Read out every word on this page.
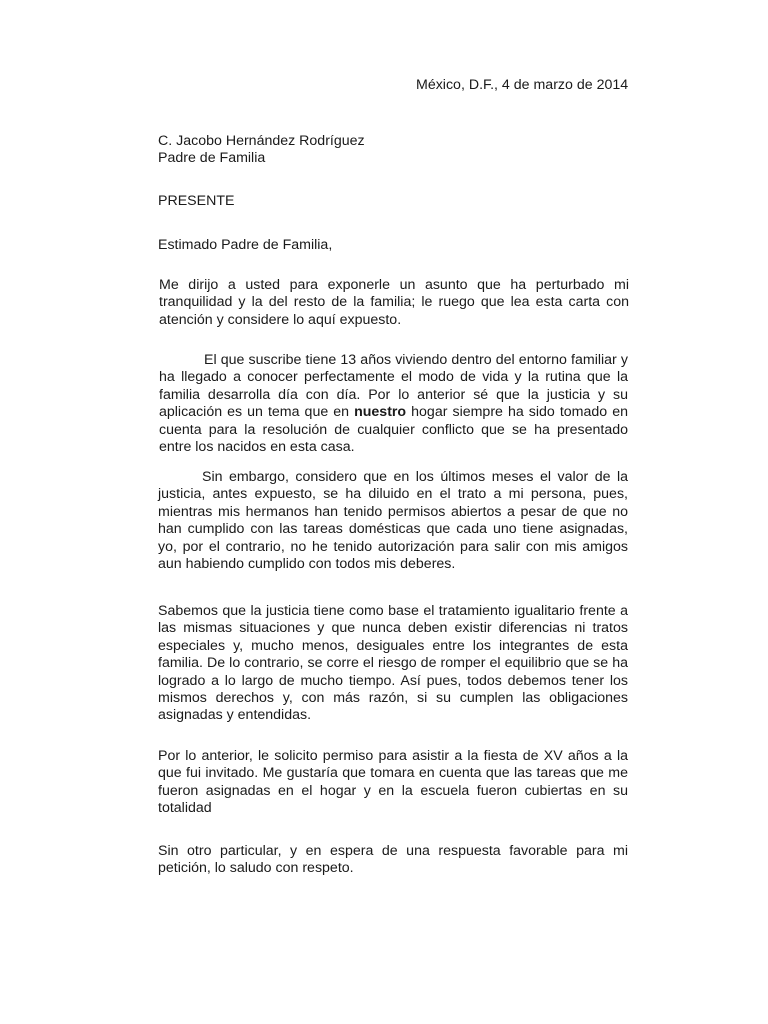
México, D.F., 4 de marzo de 2014

C. Jacobo Hernández Rodríguez

Padre de Familia

PRESENTE

Estimado Padre de Familia,

Me dirijo a usted para exponerle un asunto que ha perturbado mi tranquilidad y la del resto de la familia; le ruego que lea esta carta con atención y considere lo aquí expuesto.

El que suscribe tiene 13 años viviendo dentro del entorno familiar y ha llegado a conocer perfectamente el modo de vida y la rutina que la familia desarrolla día con día. Por lo anterior sé que la justicia y su aplicación es un tema que en nuestro hogar siempre ha sido tomado en cuenta para la resolución de cualquier conflicto que se ha presentado entre los nacidos en esta casa.

Sin embargo, considero que en los últimos meses el valor de la justicia, antes expuesto, se ha diluido en el trato a mi persona, pues, mientras mis hermanos han tenido permisos abiertos a pesar de que no han cumplido con las tareas domésticas que cada uno tiene asignadas, yo, por el contrario, no he tenido autorización para salir con mis amigos aun habiendo cumplido con todos mis deberes.

Sabemos que la justicia tiene como base el tratamiento igualitario frente a las mismas situaciones y que nunca deben existir diferencias ni tratos especiales y, mucho menos, desiguales entre los integrantes de esta familia. De lo contrario, se corre el riesgo de romper el equilibrio que se ha logrado a lo largo de mucho tiempo. Así pues, todos debemos tener los mismos derechos y, con más razón, si su cumplen las obligaciones asignadas y entendidas.

Por lo anterior, le solicito permiso para asistir a la fiesta de XV años a la que fui invitado. Me gustaría que tomara en cuenta que las tareas que me fueron asignadas en el hogar y en la escuela fueron cubiertas en su totalidad

Sin otro particular, y en espera de una respuesta favorable para mi petición, lo saludo con respeto.
